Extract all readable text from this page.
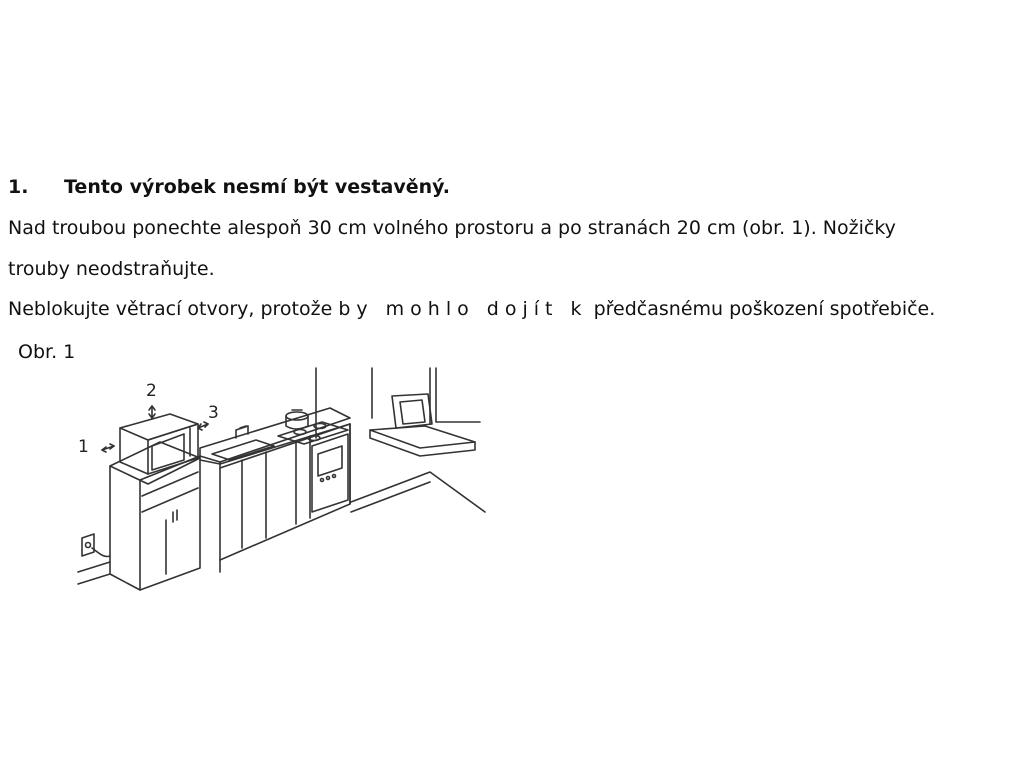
1. Tento výrobek nesmí být vestavěný.
Nad troubou ponechte alespoň 30 cm volného prostoru a po stranách 20 cm (obr. 1). Nožičky
trouby neodstraňujte.
Neblokujte větrací otvory, protože by mohlo dojít k předčasnému poškození spotřebiče.
Obr. 1
1
2
3
